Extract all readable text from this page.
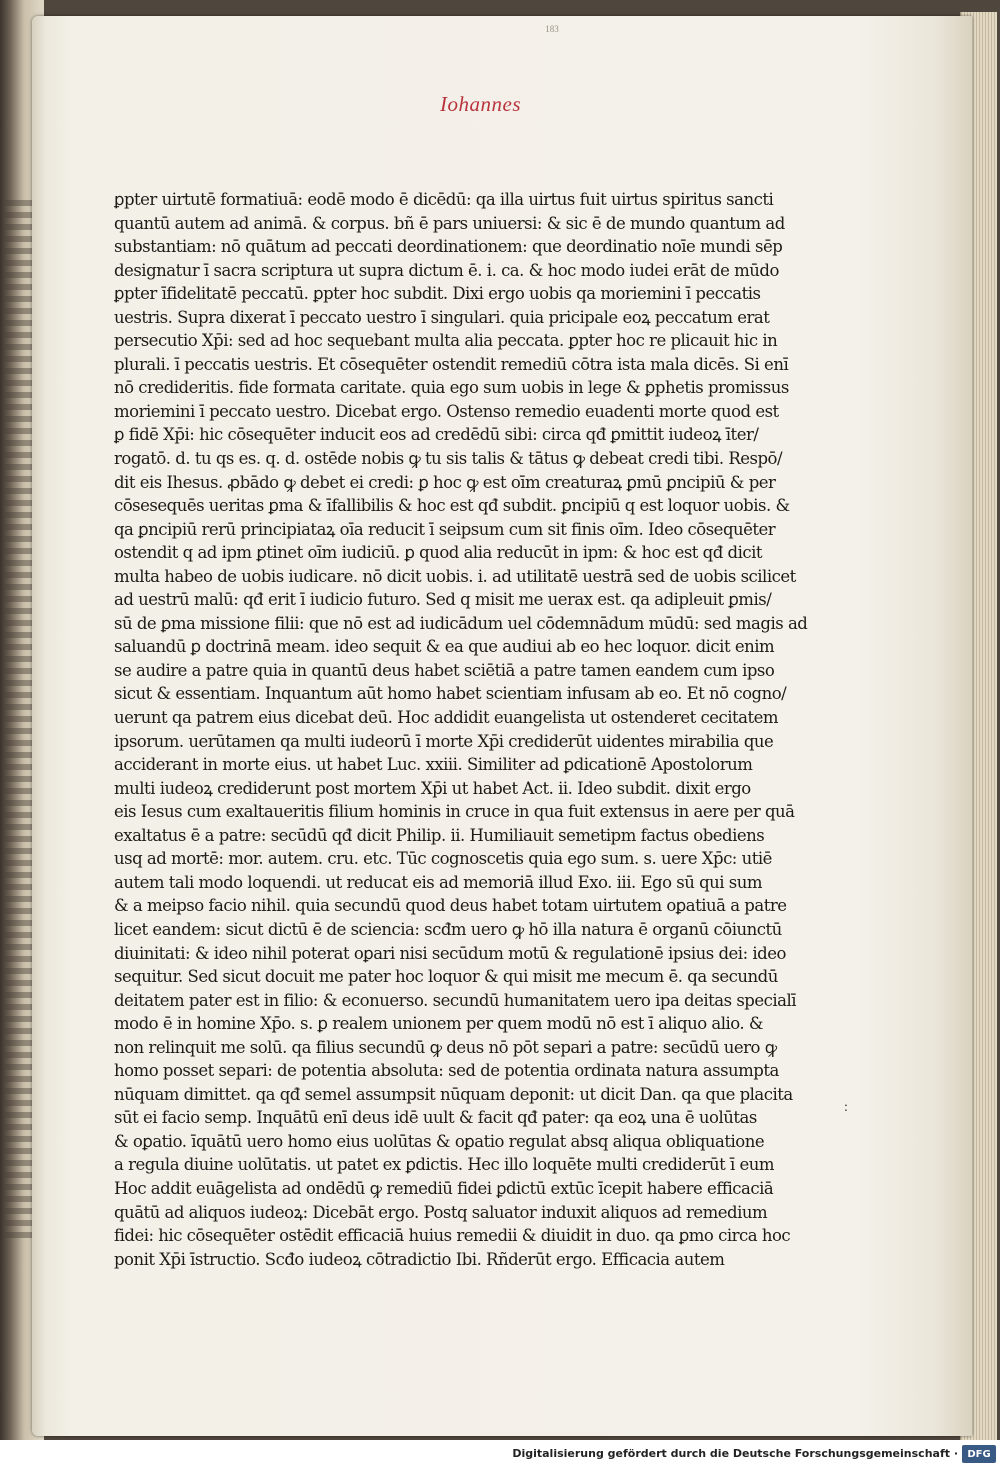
183
Iohannes
ꝑpter uirtutē formatiuā: eodē modo ē dicēdū: qa illa uirtus fuit uirtus spiritus sancti
quantū autem ad animā. & corpus. bñ ē pars uniuersi: & sic ē de mundo quantum ad
substantiam: nō quātum ad peccati deordinationem: que deordinatio noīe mundi sēp
designatur ī sacra scriptura ut supra dictum ē. i. ca. & hoc modo iudei erāt de mūdo
ꝑpter īfidelitatē peccatū. ꝑpter hoc subdit. Dixi ergo uobis qa moriemini ī peccatis
uestris. Supra dixerat ī peccato uestro ī singulari. quia pricipale eoꝝ peccatum erat
persecutio Xp̄i: sed ad hoc sequebant multa alia peccata. ꝑpter hoc re plicauit hic in
plurali. ī peccatis uestris. Et cōsequēter ostendit remediū cōtra ista mala dicēs. Si enī
nō credideritis. fide formata caritate. quia ego sum uobis in lege & ꝑphetis promissus
moriemini ī peccato uestro. Dicebat ergo. Ostenso remedio euadenti morte quod est
ꝑ fidē Xp̄i: hic cōsequēter inducit eos ad credēdū sibi: circa qđ ꝑmittit iudeoꝝ īter/
rogatō. d. tu qs es. q. d. ostēde nobis ꝙ tu sis talis & tātus ꝙ debeat credi tibi. Respō/
dit eis Ihesus. ꝓbādo ꝙ debet ei credi: ꝑ hoc ꝙ est oīm creaturaꝝ ꝑmū ꝑncipiū & per
cōsesequēs ueritas ꝑma & īfallibilis & hoc est qđ subdit. ꝑncipiū q est loquor uobis. &
qa ꝑncipiū rerū principiataꝝ oīa reducit ī seipsum cum sit finis oīm. Ideo cōsequēter
ostendit q ad ipm ꝑtinet oīm iudiciū. ꝑ quod alia reducūt in ipm: & hoc est qđ dicit
multa habeo de uobis iudicare. nō dicit uobis. i. ad utilitatē uestrā sed de uobis scilicet
ad uestrū malū: qđ erit ī iudicio futuro. Sed q misit me uerax est. qa adipleuit ꝑmis/
sū de ꝑma missione filii: que nō est ad iudicādum uel cōdemnādum mūdū: sed magis ad
saluandū ꝑ doctrinā meam. ideo sequit & ea que audiui ab eo hec loquor. dicit enim
se audire a patre quia in quantū deus habet sciētiā a patre tamen eandem cum ipso
sicut & essentiam. Inquantum aūt homo habet scientiam infusam ab eo. Et nō cogno/
uerunt qa patrem eius dicebat deū. Hoc addidit euangelista ut ostenderet cecitatem
ipsorum. uerūtamen qa multi iudeorū ī morte Xp̄i crediderūt uidentes mirabilia que
acciderant in morte eius. ut habet Luc. xxiii. Similiter ad ꝑdicationē Apostolorum
multi iudeoꝝ crediderunt post mortem Xp̄i ut habet Act. ii. Ideo subdit. dixit ergo
eis Iesus cum exaltaueritis filium hominis in cruce in qua fuit extensus in aere per quā
exaltatus ē a patre: secūdū qđ dicit Philip. ii. Humiliauit semetipm factus obediens
usq ad mortē: mor. autem. cru. etc. Tūc cognoscetis quia ego sum. s. uere Xp̄c: utiē
autem tali modo loquendi. ut reducat eis ad memoriā illud Exo. iii. Ego sū qui sum
& a meipso facio nihil. quia secundū quod deus habet totam uirtutem oꝑatiuā a patre
licet eandem: sicut dictū ē de sciencia: scđm uero ꝙ hō illa natura ē organū cōiunctū
diuinitati: & ideo nihil poterat oꝑari nisi secūdum motū & regulationē ipsius dei: ideo
sequitur. Sed sicut docuit me pater hoc loquor & qui misit me mecum ē. qa secundū
deitatem pater est in filio: & econuerso. secundū humanitatem uero ipa deitas specialī
modo ē in homine Xp̄o. s. ꝑ realem unionem per quem modū nō est ī aliquo alio. &
non relinquit me solū. qa filius secundū ꝙ deus nō pōt separi a patre: secūdū uero ꝙ
homo posset separi: de potentia absoluta: sed de potentia ordinata natura assumpta
nūquam dimittet. qa qđ semel assumpsit nūquam deponit: ut dicit Dan. qa que placita
sūt ei facio semp. Inquātū enī deus idē uult & facit qđ pater: qa eoꝝ una ē uolūtas
& oꝑatio. īquātū uero homo eius uolūtas & oꝑatio regulat absq aliqua obliquatione
a regula diuine uolūtatis. ut patet ex ꝑdictis. Hec illo loquēte multi crediderūt ī eum
Hoc addit euāgelista ad ondēdū ꝙ remediū fidei ꝑdictū extūc īcepit habere efficaciā
quātū ad aliquos iudeoꝝ: Dicebāt ergo. Postq saluator induxit aliquos ad remedium
fidei: hic cōsequēter ostēdit efficaciā huius remedii & diuidit in duo. qa ꝑmo circa hoc
ponit Xp̄i īstructio. Scđo iudeoꝝ cōtradictio Ibi. Rñderūt ergo. Efficacia autem
:
Digitalisierung gefördert durch die Deutsche Forschungsgemeinschaft · DFG
